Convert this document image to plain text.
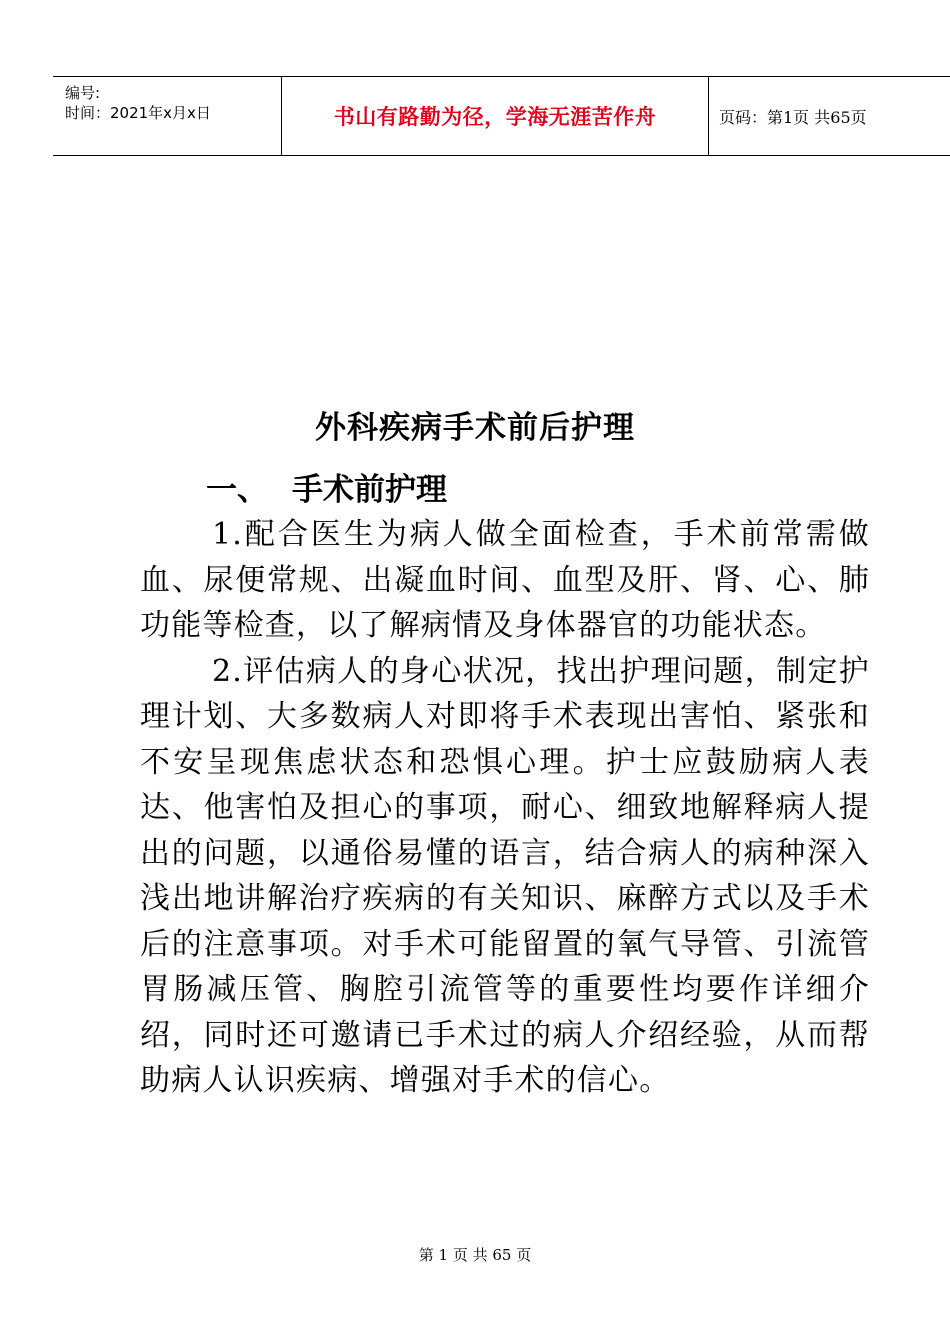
编号:
时间：2021年x月x日	书山有路勤为径，学海无涯苦作舟	页码：第1页 共65页
外科疾病手术前后护理
一、 手术前护理

1.配合医生为病人做全面检查，手术前常需做血、尿便常规、出凝血时间、血型及肝、肾、心、肺功能等检查，以了解病情及身体器官的功能状态。

2.评估病人的身心状况，找出护理问题，制定护理计划、大多数病人对即将手术表现出害怕、紧张和不安呈现焦虑状态和恐惧心理。护士应鼓励病人表达、他害怕及担心的事项，耐心、细致地解释病人提出的问题，以通俗易懂的语言，结合病人的病种深入浅出地讲解治疗疾病的有关知识、麻醉方式以及手术后的注意事项。对手术可能留置的氧气导管、引流管胃肠减压管、胸腔引流管等的重要性均要作详细介绍，同时还可邀请已手术过的病人介绍经验，从而帮助病人认识疾病、增强对手术的信心。

第 1 页 共 65 页
